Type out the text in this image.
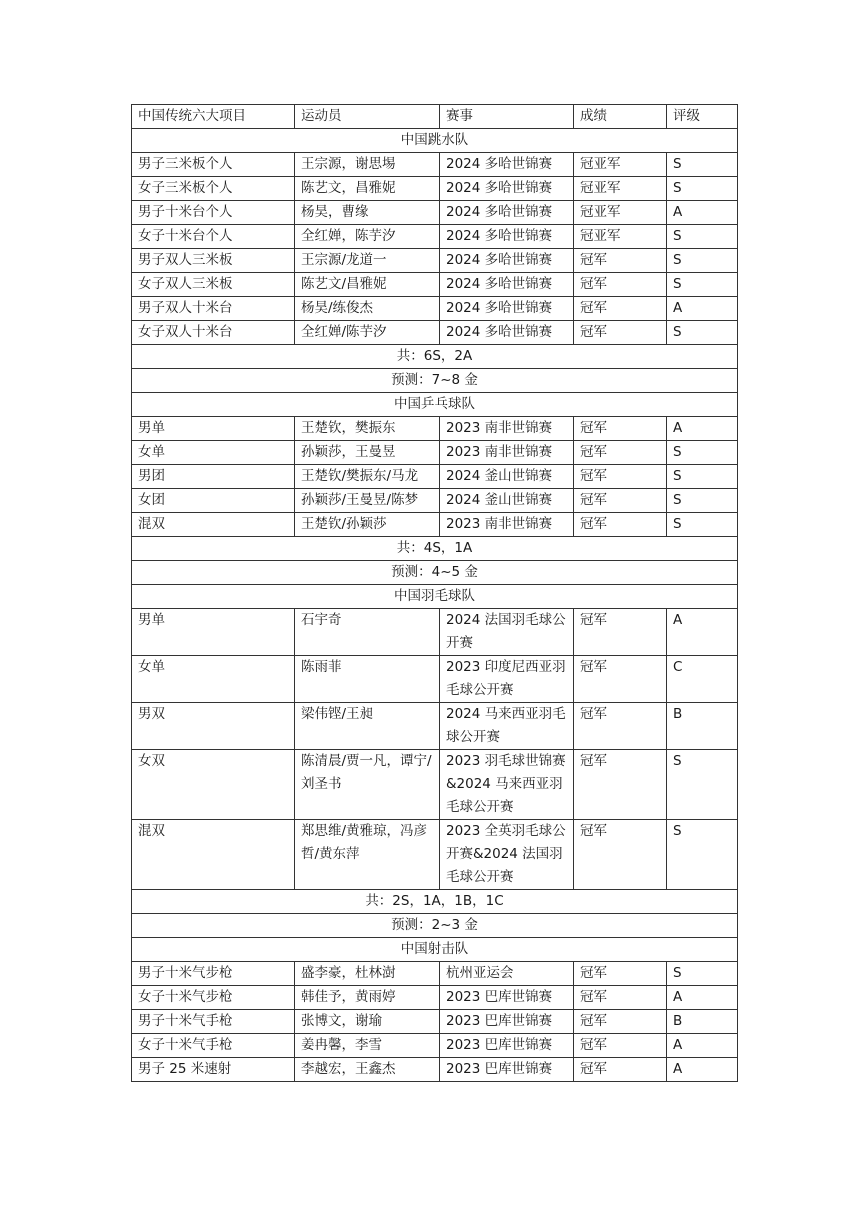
中国传统六大项目	运动员	赛事	成绩	评级
中国跳水队				
男子三米板个人	王宗源，谢思埸	2024 多哈世锦赛	冠亚军	S
女子三米板个人	陈艺文，昌雅妮	2024 多哈世锦赛	冠亚军	S
男子十米台个人	杨昊，曹缘	2024 多哈世锦赛	冠亚军	A
女子十米台个人	全红婵，陈芋汐	2024 多哈世锦赛	冠亚军	S
男子双人三米板	王宗源/龙道一	2024 多哈世锦赛	冠军	S
女子双人三米板	陈艺文/昌雅妮	2024 多哈世锦赛	冠军	S
男子双人十米台	杨昊/练俊杰	2024 多哈世锦赛	冠军	A
女子双人十米台	全红婵/陈芋汐	2024 多哈世锦赛	冠军	S
共：6S，2A				
预测：7~8 金				
中国乒乓球队				
男单	王楚钦，樊振东	2023 南非世锦赛	冠军	A
女单	孙颖莎，王曼昱	2023 南非世锦赛	冠军	S
男团	王楚钦/樊振东/马龙	2024 釜山世锦赛	冠军	S
女团	孙颖莎/王曼昱/陈梦	2024 釜山世锦赛	冠军	S
混双	王楚钦/孙颖莎	2023 南非世锦赛	冠军	S
共：4S，1A				
预测：4~5 金				
中国羽毛球队				
男单	石宇奇	2024 法国羽毛球公开赛	冠军	A
女单	陈雨菲	2023 印度尼西亚羽毛球公开赛	冠军	C
男双	梁伟铿/王昶	2024 马来西亚羽毛球公开赛	冠军	B
女双	陈清晨/贾一凡，谭宁/刘圣书	2023 羽毛球世锦赛&2024 马来西亚羽毛球公开赛	冠军	S
混双	郑思维/黄雅琼，冯彦哲/黄东萍	2023 全英羽毛球公开赛&2024 法国羽毛球公开赛	冠军	S
共：2S，1A，1B，1C				
预测：2~3 金				
中国射击队				
男子十米气步枪	盛李豪，杜林澍	杭州亚运会	冠军	S
女子十米气步枪	韩佳予，黄雨婷	2023 巴库世锦赛	冠军	A
男子十米气手枪	张博文，谢瑜	2023 巴库世锦赛	冠军	B
女子十米气手枪	姜冉馨，李雪	2023 巴库世锦赛	冠军	A
男子 25 米速射	李越宏，王鑫杰	2023 巴库世锦赛	冠军	A
